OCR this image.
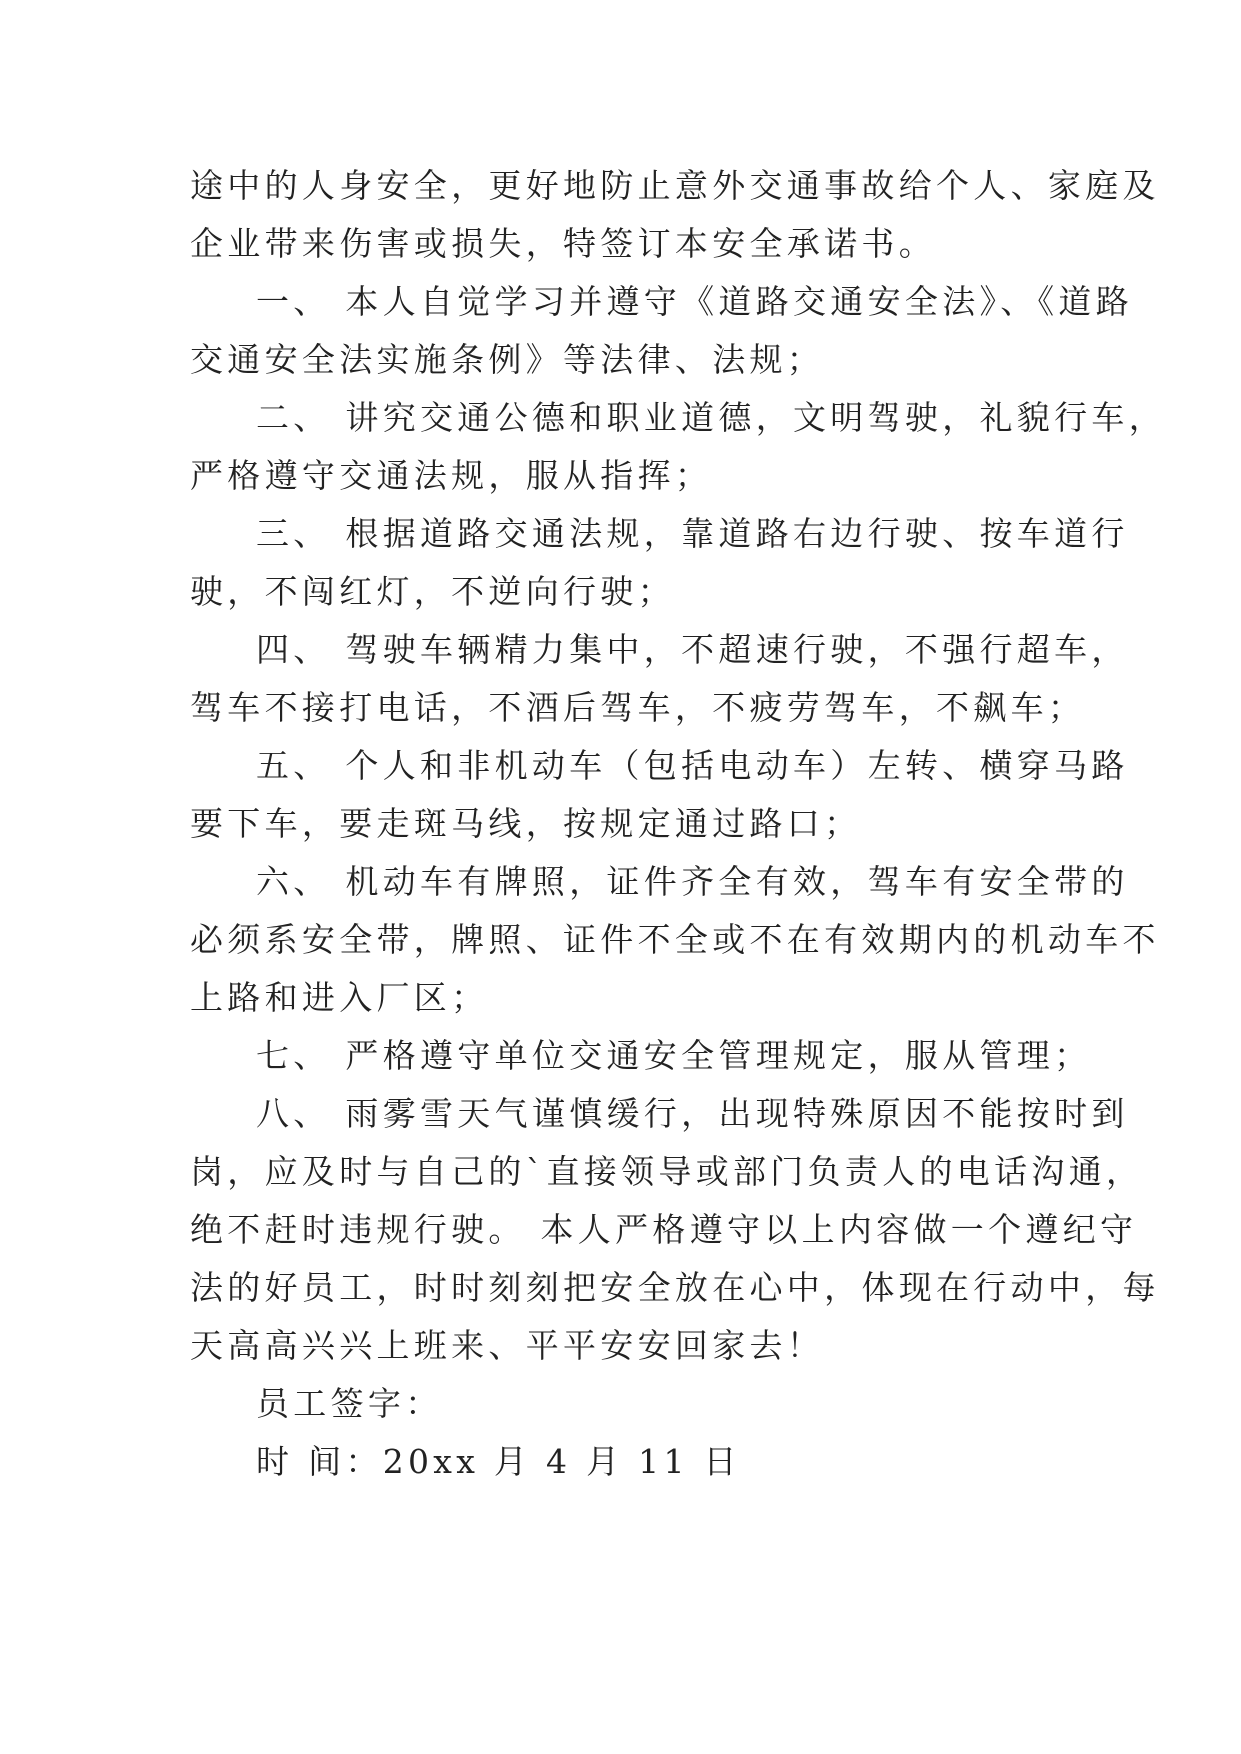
途中的人身安全，更好地防止意外交通事故给个人、家庭及
企业带来伤害或损失，特签订本安全承诺书。
一、 本人自觉学习并遵守《道路交通安全法》、《道路
交通安全法实施条例》等法律、法规；
二、 讲究交通公德和职业道德，文明驾驶，礼貌行车，
严格遵守交通法规，服从指挥；
三、 根据道路交通法规，靠道路右边行驶、按车道行
驶，不闯红灯，不逆向行驶；
四、 驾驶车辆精力集中，不超速行驶，不强行超车，
驾车不接打电话，不酒后驾车，不疲劳驾车，不飙车；
五、 个人和非机动车（包括电动车）左转、横穿马路
要下车，要走斑马线，按规定通过路口；
六、 机动车有牌照，证件齐全有效，驾车有安全带的
必须系安全带，牌照、证件不全或不在有效期内的机动车不
上路和进入厂区；
七、 严格遵守单位交通安全管理规定，服从管理；
八、 雨雾雪天气谨慎缓行，出现特殊原因不能按时到
岗，应及时与自己的`直接领导或部门负责人的电话沟通，
绝不赶时违规行驶。 本人严格遵守以上内容做一个遵纪守
法的好员工，时时刻刻把安全放在心中，体现在行动中，每
天高高兴兴上班来、平平安安回家去！
员工签字：
时 间：20xx 月 4 月 11 日
